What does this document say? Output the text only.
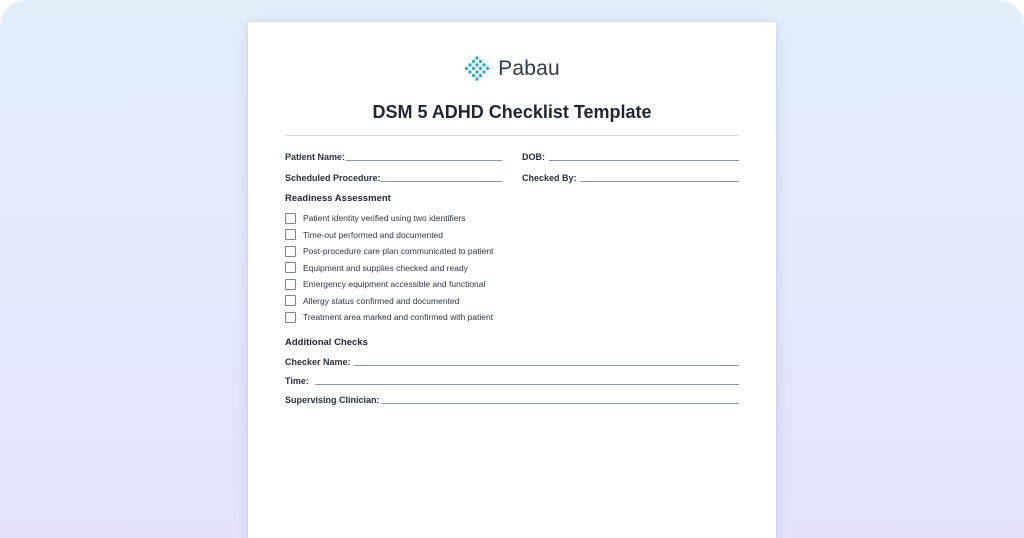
Pabau
DSM 5 ADHD Checklist Template
Patient Name:	DOB:
Scheduled Procedure:	Checked By:
Readiness Assessment
Patient identity verified using two identifiers
Time-out performed and documented
Post-procedure care plan communicated to patient
Equipment and supplies checked and ready
Emergency equipment accessible and functional
Allergy status confirmed and documented
Treatment area marked and confirmed with patient
Additional Checks
Checker Name:
Time:
Supervising Clinician:
